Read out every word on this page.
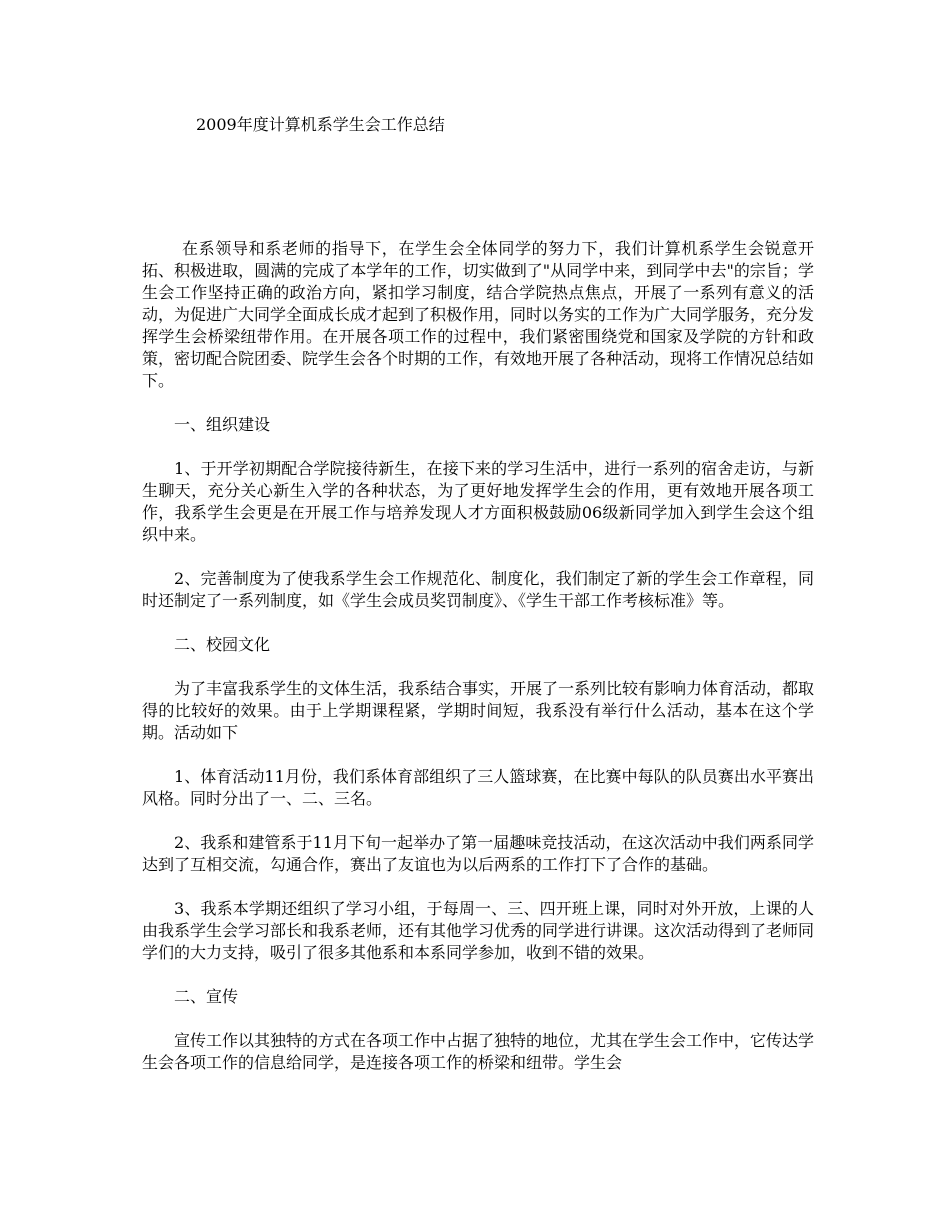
2009年度计算机系学生会工作总结

在系领导和系老师的指导下，在学生会全体同学的努力下，我们计算机系学生会锐意开拓、积极进取，圆满的完成了本学年的工作，切实做到了"从同学中来，到同学中去"的宗旨；学生会工作坚持正确的政治方向，紧扣学习制度，结合学院热点焦点，开展了一系列有意义的活动，为促进广大同学全面成长成才起到了积极作用，同时以务实的工作为广大同学服务，充分发挥学生会桥梁纽带作用。在开展各项工作的过程中，我们紧密围绕党和国家及学院的方针和政策，密切配合院团委、院学生会各个时期的工作，有效地开展了各种活动，现将工作情况总结如下。

一、组织建设

1、于开学初期配合学院接待新生，在接下来的学习生活中，进行一系列的宿舍走访，与新生聊天，充分关心新生入学的各种状态，为了更好地发挥学生会的作用，更有效地开展各项工作，我系学生会更是在开展工作与培养发现人才方面积极鼓励06级新同学加入到学生会这个组织中来。

2、完善制度为了使我系学生会工作规范化、制度化，我们制定了新的学生会工作章程，同时还制定了一系列制度，如《学生会成员奖罚制度》、《学生干部工作考核标准》等。

二、校园文化

为了丰富我系学生的文体生活，我系结合事实，开展了一系列比较有影响力体育活动，都取得的比较好的效果。由于上学期课程紧，学期时间短，我系没有举行什么活动，基本在这个学期。活动如下

1、体育活动11月份，我们系体育部组织了三人篮球赛，在比赛中每队的队员赛出水平赛出风格。同时分出了一、二、三名。

2、我系和建管系于11月下旬一起举办了第一届趣味竞技活动，在这次活动中我们两系同学达到了互相交流，勾通合作，赛出了友谊也为以后两系的工作打下了合作的基础。

3、我系本学期还组织了学习小组，于每周一、三、四开班上课，同时对外开放，上课的人由我系学生会学习部长和我系老师，还有其他学习优秀的同学进行讲课。这次活动得到了老师同学们的大力支持，吸引了很多其他系和本系同学参加，收到不错的效果。

二、宣传

宣传工作以其独特的方式在各项工作中占据了独特的地位，尤其在学生会工作中，它传达学生会各项工作的信息给同学，是连接各项工作的桥梁和纽带。学生会
